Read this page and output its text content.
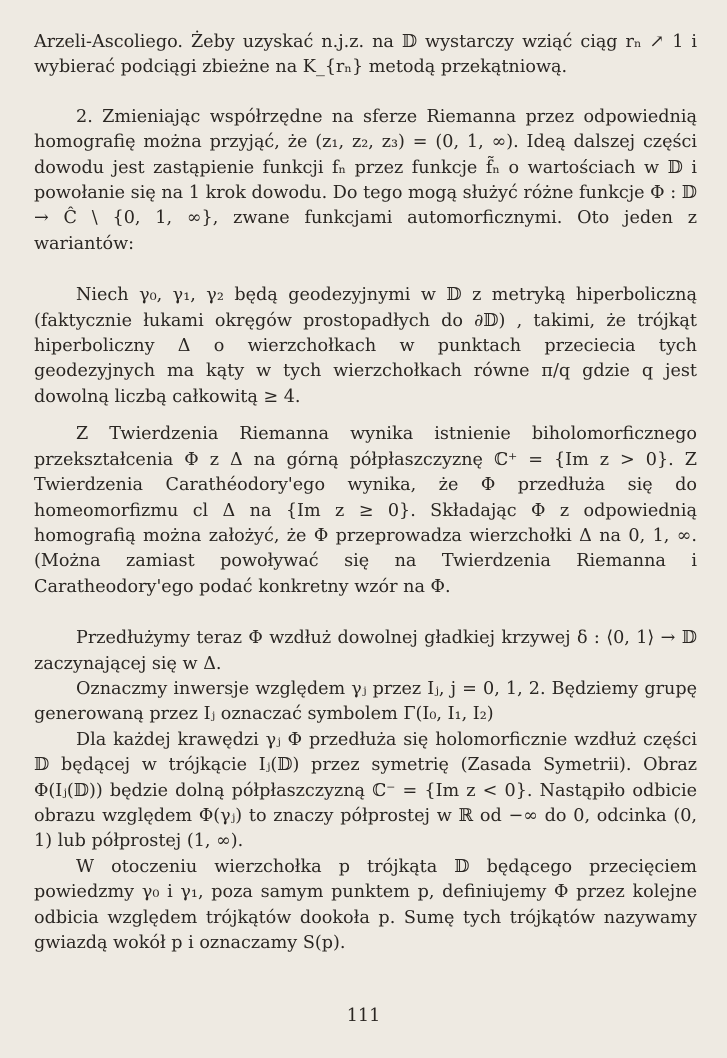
Arzeli-Ascoliego. Żeby uzyskać n.j.z. na 𝔻 wystarczy wziąć ciąg rₙ ↗ 1 i wybierać podciągi zbieżne na K_{rₙ} metodą przekątniową.

2. Zmieniając współrzędne na sferze Riemanna przez odpowiednią homografię można przyjąć, że (z₁, z₂, z₃) = (0, 1, ∞). Ideą dalszej części dowodu jest zastąpienie funkcji fₙ przez funkcje f̃ₙ o wartościach w 𝔻 i powołanie się na 1 krok dowodu. Do tego mogą służyć różne funkcje Φ : 𝔻 → Ĉ \ {0, 1, ∞}, zwane funkcjami automorficznymi. Oto jeden z wariantów:

Niech γ₀, γ₁, γ₂ będą geodezyjnymi w 𝔻 z metryką hiperboliczną (faktycznie łukami okręgów prostopadłych do ∂𝔻) , takimi, że trójkąt hiperboliczny Δ o wierzchołkach w punktach przeciecia tych geodezyjnych ma kąty w tych wierzchołkach równe π/q gdzie q jest dowolną liczbą całkowitą ≥ 4.

Z Twierdzenia Riemanna wynika istnienie biholomorficznego przekształcenia Φ z Δ na górną półpłaszczyznę ℂ⁺ = {Im z > 0}. Z Twierdzenia Carathéodory'ego wynika, że Φ przedłuża się do homeomorfizmu cl Δ na {Im z ≥ 0}. Składając Φ z odpowiednią homografią można założyć, że Φ przeprowadza wierzchołki Δ na 0, 1, ∞. (Można zamiast powoływać się na Twierdzenia Riemanna i Caratheodory'ego podać konkretny wzór na Φ.

Przedłużymy teraz Φ wzdłuż dowolnej gładkiej krzywej δ : ⟨0, 1⟩ → 𝔻 zaczynającej się w Δ.

Oznaczmy inwersje względem γⱼ przez Iⱼ, j = 0, 1, 2. Będziemy grupę generowaną przez Iⱼ oznaczać symbolem Γ(I₀, I₁, I₂)

Dla każdej krawędzi γⱼ Φ przedłuża się holomorficznie wzdłuż części 𝔻 będącej w trójkącie Iⱼ(𝔻) przez symetrię (Zasada Symetrii). Obraz Φ(Iⱼ(𝔻)) będzie dolną półpłaszczyzną ℂ⁻ = {Im z < 0}. Nastąpiło odbicie obrazu względem Φ(γⱼ) to znaczy półprostej w ℝ od −∞ do 0, odcinka (0, 1) lub półprostej (1, ∞).

W otoczeniu wierzchołka p trójkąta 𝔻 będącego przecięciem powiedzmy γ₀ i γ₁, poza samym punktem p, definiujemy Φ przez kolejne odbicia względem trójkątów dookoła p. Sumę tych trójkątów nazywamy gwiazdą wokół p i oznaczamy S(p).

111
